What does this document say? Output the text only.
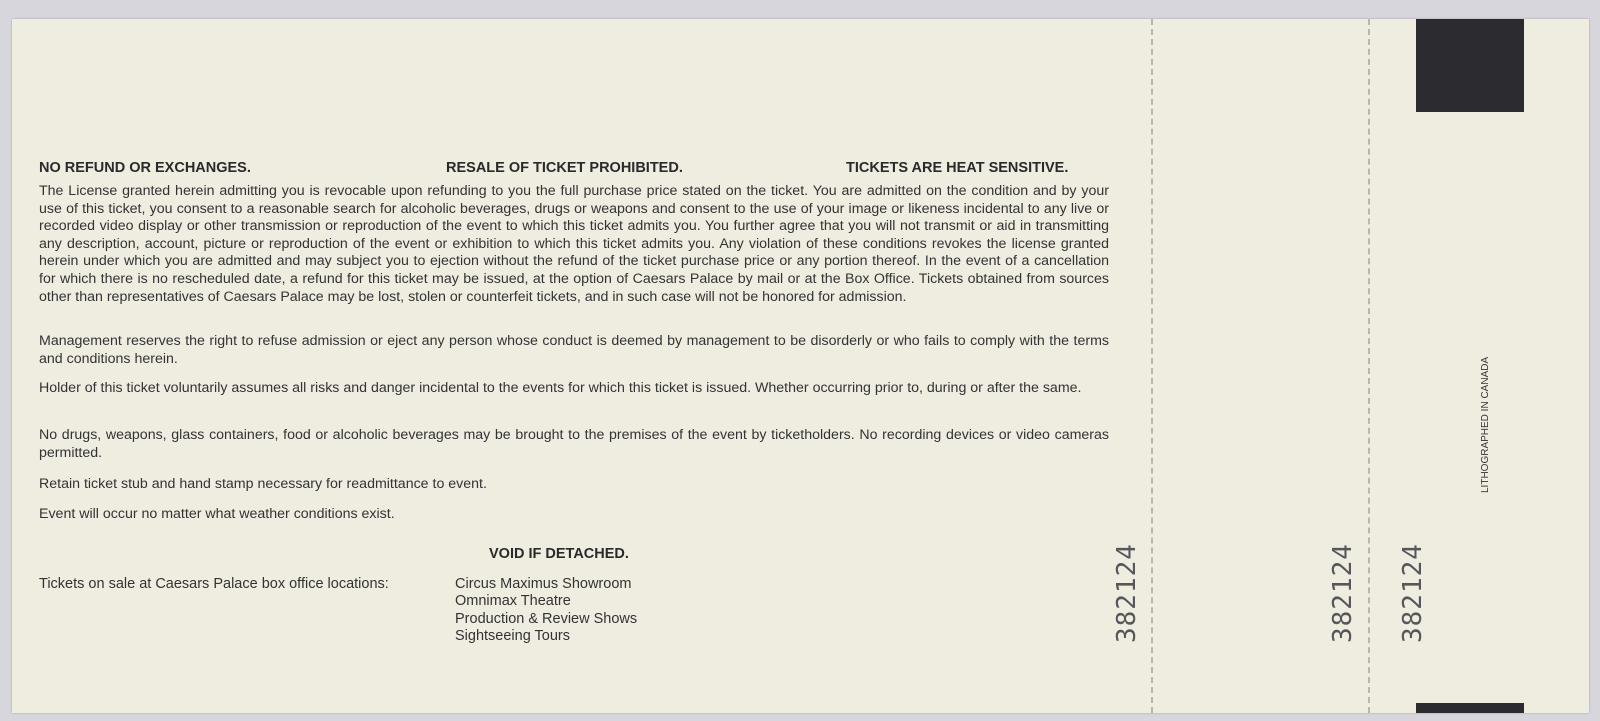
NO REFUND OR EXCHANGES.	RESALE OF TICKET PROHIBITED.	TICKETS ARE HEAT SENSITIVE.

The License granted herein admitting you is revocable upon refunding to you the full purchase price stated on the ticket. You are admitted on the condition and by your use of this ticket, you consent to a reasonable search for alcoholic beverages, drugs or weapons and consent to the use of your image or likeness incidental to any live or recorded video display or other transmission or reproduction of the event to which this ticket admits you. You further agree that you will not transmit or aid in transmitting any description, account, picture or reproduction of the event or exhibition to which this ticket admits you. Any violation of these conditions revokes the license granted herein under which you are admitted and may subject you to ejection without the refund of the ticket purchase price or any portion thereof. In the event of a cancellation for which there is no rescheduled date, a refund for this ticket may be issued, at the option of Caesars Palace by mail or at the Box Office. Tickets obtained from sources other than representatives of Caesars Palace may be lost, stolen or counterfeit tickets, and in such case will not be honored for admission.

Management reserves the right to refuse admission or eject any person whose conduct is deemed by management to be disorderly or who fails to comply with the terms and conditions herein.

Holder of this ticket voluntarily assumes all risks and danger incidental to the events for which this ticket is issued. Whether occurring prior to, during or after the same.

No drugs, weapons, glass containers, food or alcoholic beverages may be brought to the premises of the event by ticketholders. No recording devices or video cameras permitted.

Retain ticket stub and hand stamp necessary for readmittance to event.

Event will occur no matter what weather conditions exist.

VOID IF DETACHED.
Tickets on sale at Caesars Palace box office locations:	Circus Maximus Showroom
Omnimax Theatre
Production & Review Shows
Sightseeing Tours	382124	382124 382124
LITHOGRAPHED IN CANADA
